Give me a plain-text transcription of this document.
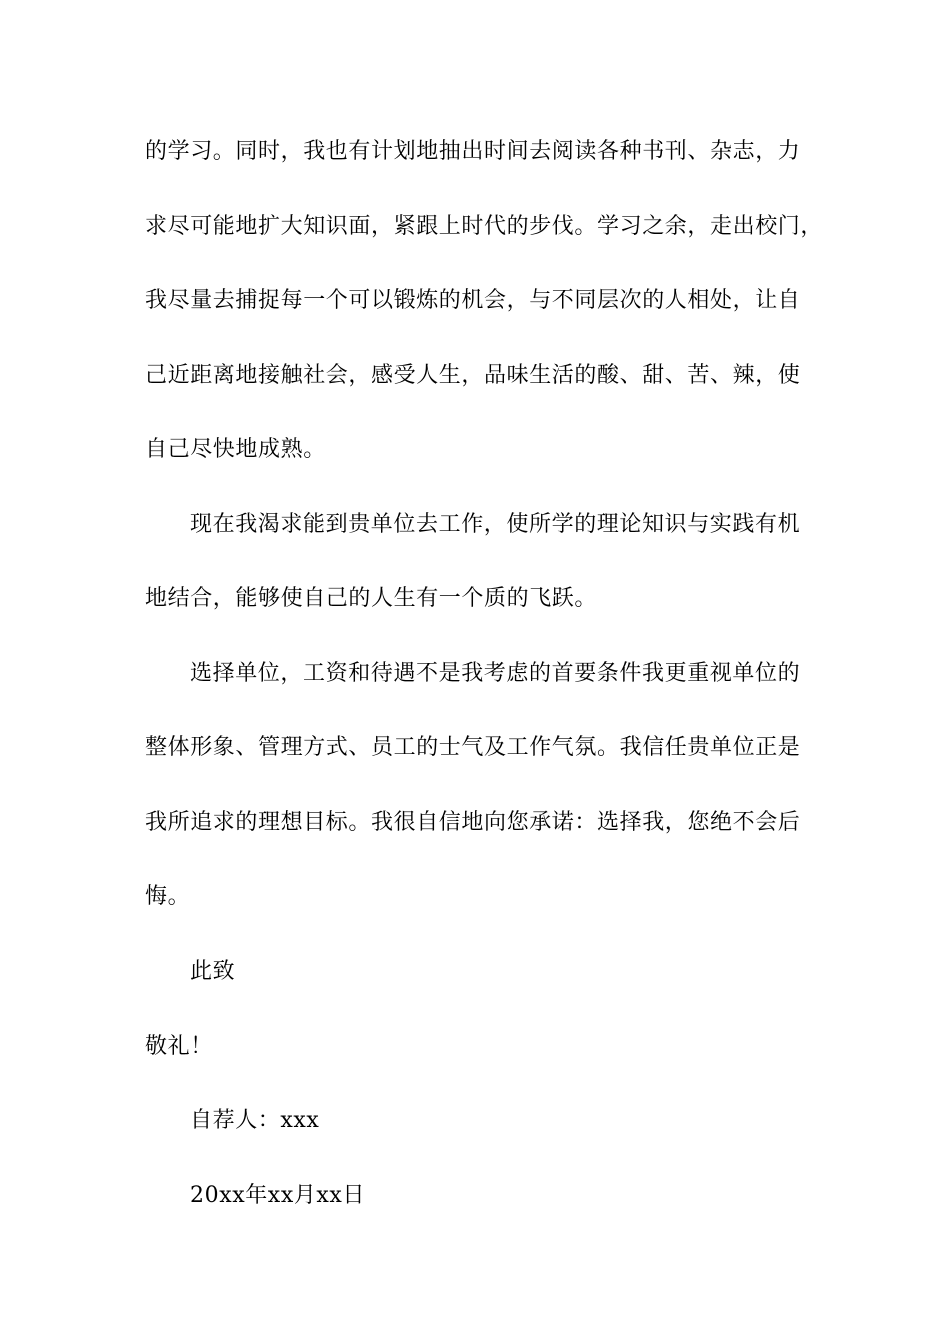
的学习。同时，我也有计划地抽出时间去阅读各种书刊、杂志，力
求尽可能地扩大知识面，紧跟上时代的步伐。学习之余，走出校门，
我尽量去捕捉每一个可以锻炼的机会，与不同层次的人相处，让自
己近距离地接触社会，感受人生，品味生活的酸、甜、苦、辣，使
自己尽快地成熟。
现在我渴求能到贵单位去工作，使所学的理论知识与实践有机
地结合，能够使自己的人生有一个质的飞跃。
选择单位，工资和待遇不是我考虑的首要条件我更重视单位的
整体形象、管理方式、员工的士气及工作气氛。我信任贵单位正是
我所追求的理想目标。我很自信地向您承诺：选择我，您绝不会后
悔。
此致
敬礼！
自荐人：xxx
20xx年xx月xx日
